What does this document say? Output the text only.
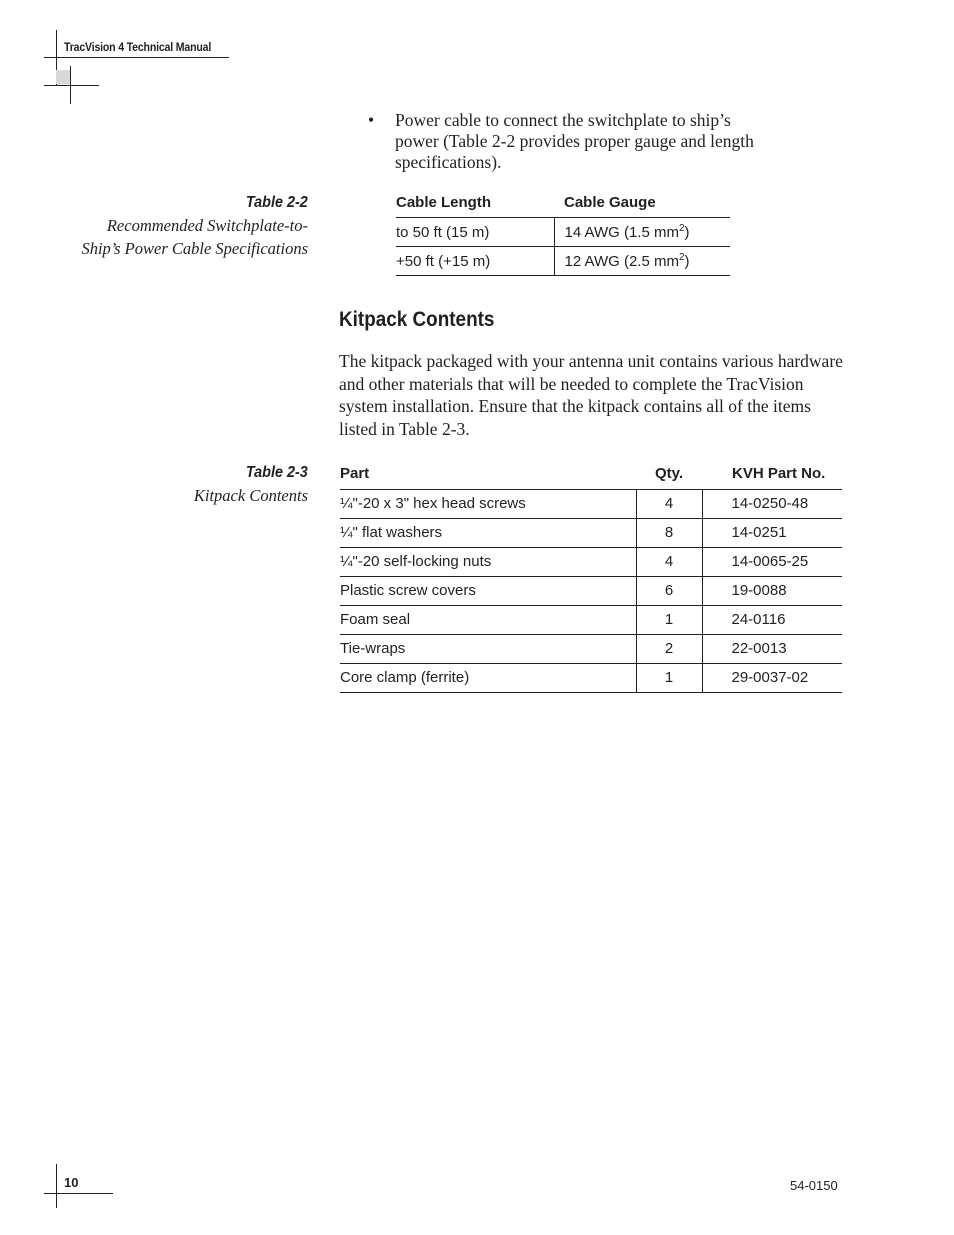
TracVision 4 Technical Manual
• Power cable to connect the switchplate to ship’s power (Table 2-2 provides proper gauge and length specifications).
Table 2-2
Recommended Switchplate-to-Ship’s Power Cable Specifications
Cable Length	Cable Gauge
to 50 ft (15 m)	14 AWG (1.5 $mm^2$)
+50 ft (+15 m)	12 AWG (2.5 $mm^2$)
Kitpack Contents
The kitpack packaged with your antenna unit contains various hardware and other materials that will be needed to complete the TracVision system installation. Ensure that the kitpack contains all of the items listed in Table 2-3.
Table 2-3
Kitpack Contents
Part	Qty.	KVH Part No.
¼"-20 x 3" hex head screws	4	14-0250-48
¼" flat washers	8	14-0251
¼"-20 self-locking nuts	4	14-0065-25
Plastic screw covers	6	19-0088
Foam seal	1	24-0116
Tie-wraps	2	22-0013
Core clamp (ferrite)	1	29-0037-02
10	54-0150
